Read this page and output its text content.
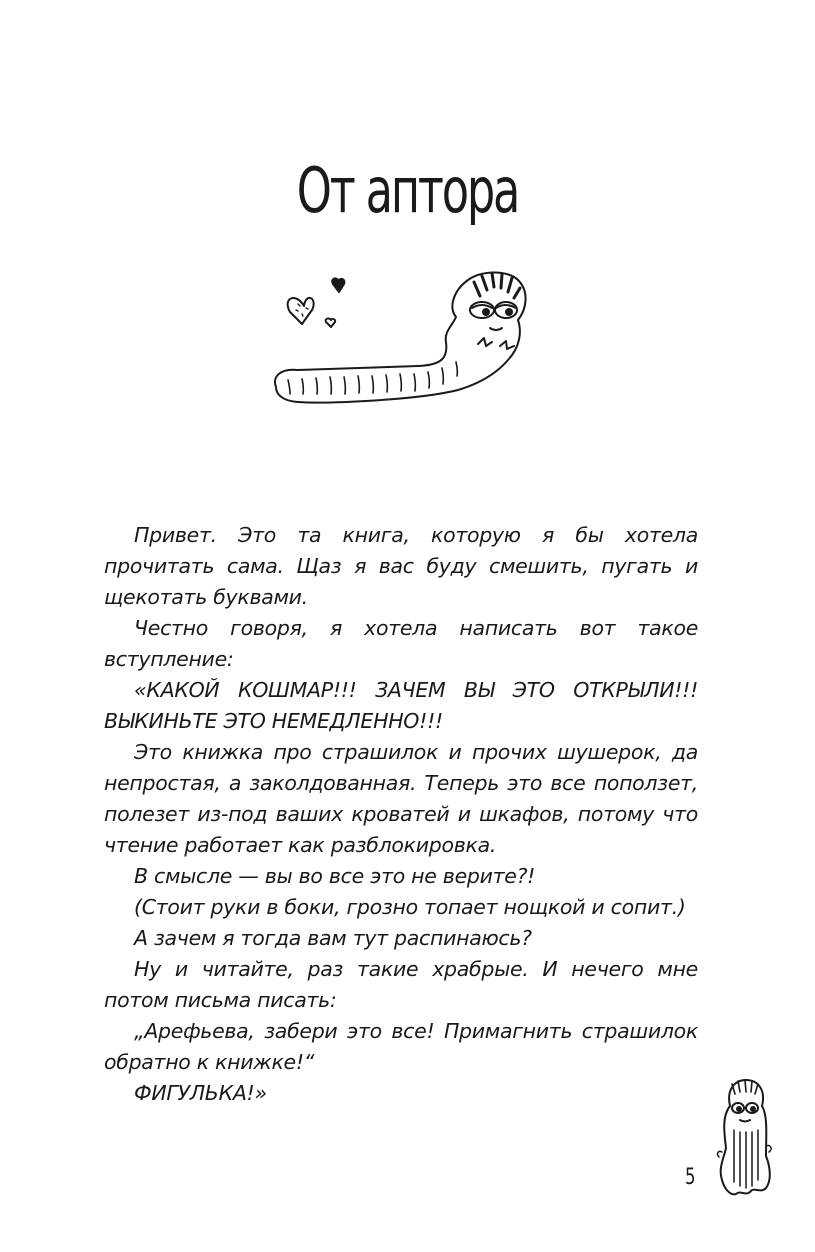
От аптора

Привет. Это та книга, которую я бы хотела прочитать сама. Щаз я вас буду смешить, пугать и щекотать буквами.

Честно говоря, я хотела написать вот такое вступление:

«КАКОЙ КОШМАР!!! ЗАЧЕМ ВЫ ЭТО ОТКРЫЛИ!!! ВЫКИНЬТЕ ЭТО НЕМЕДЛЕННО!!!

Это книжка про страшилок и прочих шушерок, да непростая, а заколдованная. Теперь это все поползет, полезет из-под ваших кроватей и шкафов, потому что чтение работает как разблокировка.

В смысле — вы во все это не верите?!

(Стоит руки в боки, грозно топает нощкой и сопит.)

А зачем я тогда вам тут распинаюсь?

Ну и читайте, раз такие храбрые. И нечего мне потом письма писать:

„Арефьева, забери это все! Примагнить страшилок обратно к книжке!“

ФИГУЛЬКА!»

5
